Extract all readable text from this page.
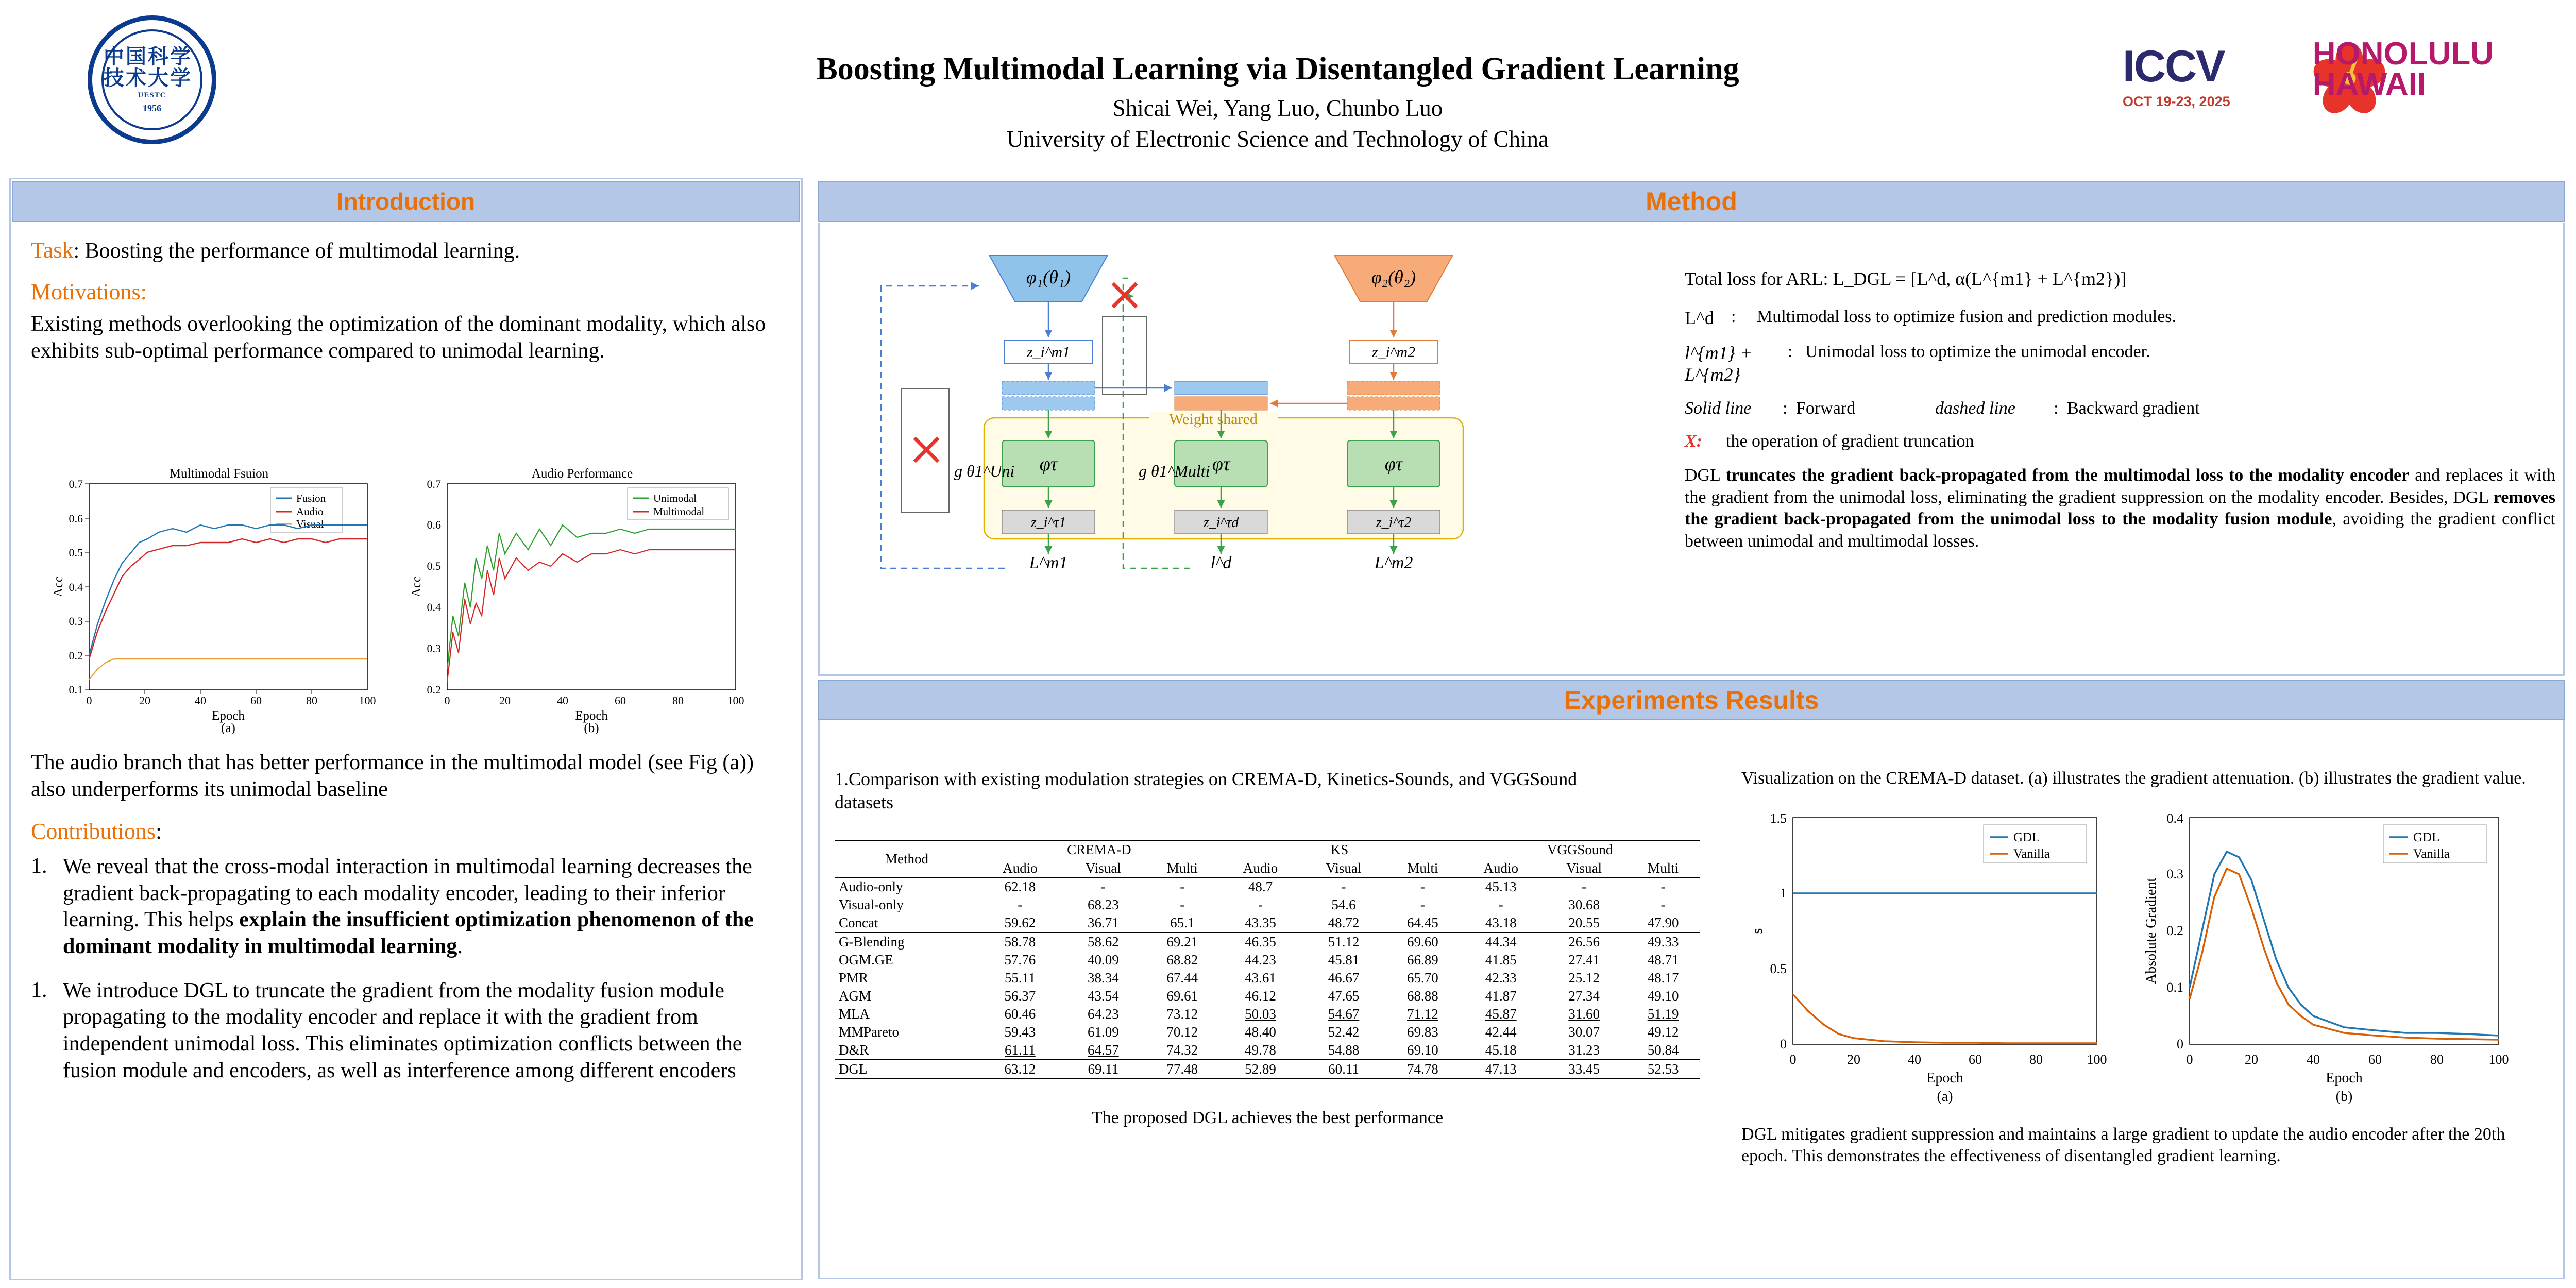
中国科学技术大学
UESTC
1956
Boosting Multimodal Learning via Disentangled Gradient Learning
Shicai Wei, Yang Luo, Chunbo Luo
University of Electronic Science and Technology of China
ICCV
OCT 19-23, 2025
HONOLULU
HAWAII
Introduction
Task: Boosting the performance of multimodal learning.
Motivations:
Existing methods overlooking the optimization of the dominant modality, which also exhibits sub-optimal performance compared to unimodal learning.
Multimodal Fsuion
0.1
0.2
0.3
0.4
0.5
0.6
0.7
0	20	40	60	80	100
Epoch
Acc
(a)
Fusion
Audio
Visual
Audio Performance
0.2
0.3
0.4
0.5
0.6
0.7
0	20	40	60	80	100
Epoch
Acc
(b)
Unimodal
Multimodal
The audio branch that has better performance in the multimodal model (see Fig (a)) also underperforms its unimodal baseline
Contributions:
1. We reveal that the cross-modal interaction in multimodal learning decreases the gradient back-propagating to each modality encoder, leading to their inferior learning. This helps explain the insufficient optimization phenomenon of the dominant modality in multimodal learning.
1. We introduce DGL to truncate the gradient from the modality fusion module propagating to the modality encoder and replace it with the gradient from independent unimodal loss. This eliminates optimization conflicts between the fusion module and encoders, as well as interference among different encoders
Method
φ₁(θ₁)	φ₂(θ₂)
z_i^m1	z_i^m2
Weight shared
φτ	φτ	φτ
z_i^τ1	z_i^τd	z_i^τ2
L^m1	l^d	L^m2
g θ1^Uni	g θ1^Multi
Total loss for ARL: L_DGL = [L^d, α(L^{m1} + L^{m2})]
L^d :	Multimodal loss to optimize fusion and prediction modules.
l^{m1} + L^{m2}
: Unimodal loss to optimize the unimodal encoder.
Solid line	: Forward	dashed line	: Backward gradient
X:	the operation of gradient truncation
DGL truncates the gradient back-propagated from the multimodal loss to the modality encoder and replaces it with the gradient from the unimodal loss, eliminating the gradient suppression on the modality encoder. Besides, DGL removes the gradient back-propagated from the unimodal loss to the modality fusion module, avoiding the gradient conflict between unimodal and multimodal losses.
Experiments Results
1.Comparison with existing modulation strategies on CREMA-D, Kinetics-Sounds, and VGGSound datasets
Method	CREMA-D			KS			VGGSound		
	Audio	Visual	Multi	Audio	Visual	Multi	Audio	Visual	Multi
Audio-only	62.18	-	-	48.7	-	-	45.13	-	-
Visual-only	-	68.23	-	-	54.6	-	-	30.68	-
Concat	59.62	36.71	65.1	43.35	48.72	64.45	43.18	20.55	47.90
G-Blending	58.78	58.62	69.21	46.35	51.12	69.60	44.34	26.56	49.33
OGM.GE	57.76	40.09	68.82	44.23	45.81	66.89	41.85	27.41	48.71
PMR	55.11	38.34	67.44	43.61	46.67	65.70	42.33	25.12	48.17
AGM	56.37	43.54	69.61	46.12	47.65	68.88	41.87	27.34	49.10
MLA	60.46	64.23	73.12	50.03	54.67	71.12	45.87	31.60	51.19
MMPareto	59.43	61.09	70.12	48.40	52.42	69.83	42.44	30.07	49.12
D&R	61.11	64.57	74.32	49.78	54.88	69.10	45.18	31.23	50.84
DGL	63.12	69.11	77.48	52.89	60.11	74.78	47.13	33.45	52.53
The proposed DGL achieves the best performance
Visualization on the CREMA-D dataset. (a) illustrates the gradient attenuation. (b) illustrates the gradient value.
0
0.5
1
1.5
0	20	40	60	80	100
Epoch
s
(a)
GDL
Vanilla
0
0.1
0.2
0.3
0.4
0	20	40	60	80	100
Epoch
Absolute Gradient
(b)
GDL
Vanilla
DGL mitigates gradient suppression and maintains a large gradient to update the audio encoder after the 20th epoch. This demonstrates the effectiveness of disentangled gradient learning.
